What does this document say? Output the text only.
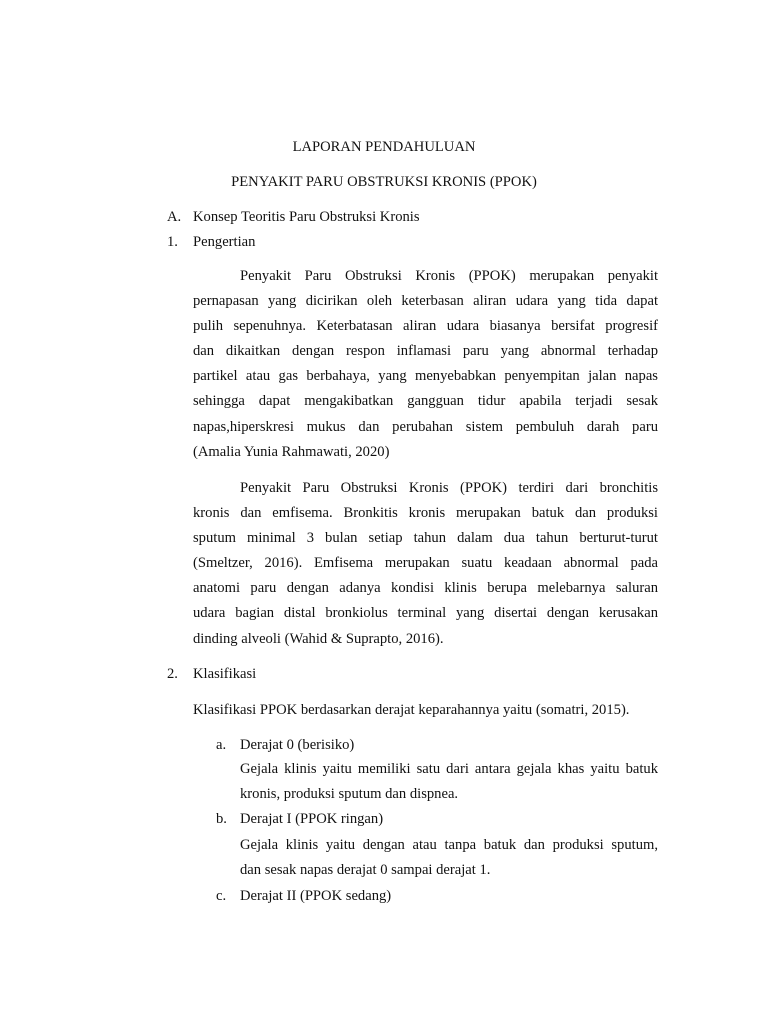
LAPORAN PENDAHULUAN
PENYAKIT PARU OBSTRUKSI KRONIS (PPOK)
A. Konsep Teoritis Paru Obstruksi Kronis
1. Pengertian
Penyakit Paru Obstruksi Kronis (PPOK) merupakan penyakit
pernapasan yang dicirikan oleh keterbasan aliran udara yang tida dapat
pulih sepenuhnya. Keterbatasan aliran udara biasanya bersifat progresif
dan dikaitkan dengan respon inflamasi paru yang abnormal terhadap
partikel atau gas berbahaya, yang menyebabkan penyempitan jalan napas
sehingga dapat mengakibatkan gangguan tidur apabila terjadi sesak
napas,hiperskresi mukus dan perubahan sistem pembuluh darah paru
(Amalia Yunia Rahmawati, 2020)
Penyakit Paru Obstruksi Kronis (PPOK) terdiri dari bronchitis
kronis dan emfisema. Bronkitis kronis merupakan batuk dan produksi
sputum minimal 3 bulan setiap tahun dalam dua tahun berturut-turut
(Smeltzer, 2016). Emfisema merupakan suatu keadaan abnormal pada
anatomi paru dengan adanya kondisi klinis berupa melebarnya saluran
udara bagian distal bronkiolus terminal yang disertai dengan kerusakan
dinding alveoli (Wahid & Suprapto, 2016).
2. Klasifikasi
Klasifikasi PPOK berdasarkan derajat keparahannya yaitu (somatri, 2015).
a. Derajat 0 (berisiko)
Gejala klinis yaitu memiliki satu dari antara gejala khas yaitu batuk
kronis, produksi sputum dan dispnea.
b. Derajat I (PPOK ringan)
Gejala klinis yaitu dengan atau tanpa batuk dan produksi sputum,
dan sesak napas derajat 0 sampai derajat 1.
c. Derajat II (PPOK sedang)
